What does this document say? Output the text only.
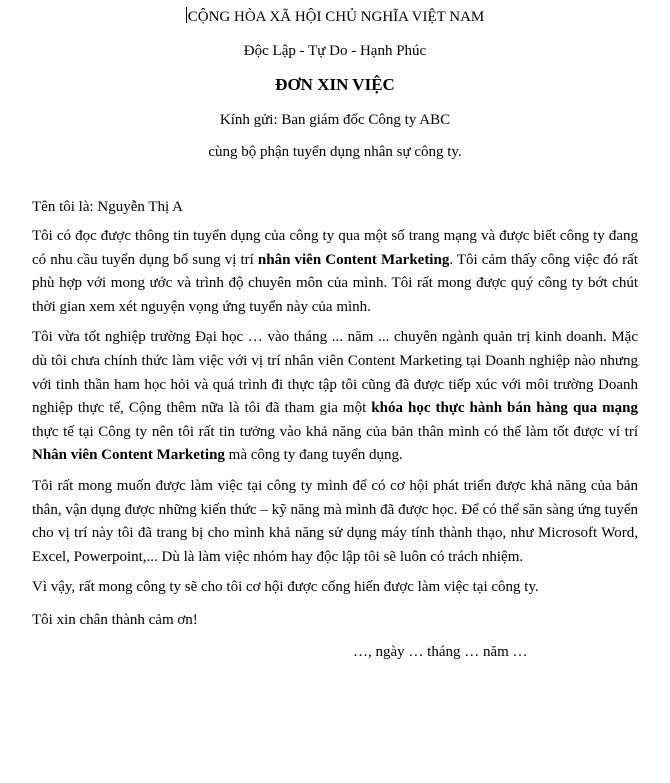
CỘNG HÒA XÃ HỘI CHỦ NGHĨA VIỆT NAM

Độc Lập - Tự Do - Hạnh Phúc

ĐƠN XIN VIỆC

Kính gửi: Ban giám đốc Công ty ABC

cùng bộ phận tuyển dụng nhân sự công ty.

Tên tôi là: Nguyễn Thị A

Tôi có đọc được thông tin tuyển dụng của công ty qua một số trang mạng và được biết công ty đang có nhu cầu tuyển dụng bổ sung vị trí nhân viên Content Marketing. Tôi cảm thấy công việc đó rất phù hợp với mong ước và trình độ chuyên môn của mình. Tôi rất mong được quý công ty bớt chút thời gian xem xét nguyện vọng ứng tuyển này của mình.

Tôi vừa tốt nghiệp trường Đại học … vào tháng ... năm ... chuyên ngành quản trị kinh doanh. Mặc dù tôi chưa chính thức làm việc với vị trí nhân viên Content Marketing tại Doanh nghiệp nào nhưng với tinh thần ham học hỏi và quá trình đi thực tập tôi cũng đã được tiếp xúc với môi trường Doanh nghiệp thực tế, Cộng thêm nữa là tôi đã tham gia một khóa học thực hành bán hàng qua mạng thực tế tại Công ty nên tôi rất tin tưởng vào khả năng của bản thân mình có thể làm tốt được ví trí Nhân viên Content Marketing mà công ty đang tuyển dụng.

Tôi rất mong muốn được làm việc tại công ty mình để có cơ hội phát triển được khả năng của bản thân, vận dụng được những kiến thức – kỹ năng mà mình đã được học. Để có thể săn sàng ứng tuyển cho vị trí này tôi đã trang bị cho mình khả năng sử dụng máy tính thành thạo, như Microsoft Word, Excel, Powerpoint,... Dù là làm việc nhóm hay độc lập tôi sẽ luôn có trách nhiệm.

Vì vậy, rất mong công ty sẽ cho tôi cơ hội được cống hiến được làm việc tại công ty.

Tôi xin chân thành cảm ơn!

…, ngày … tháng … năm …
